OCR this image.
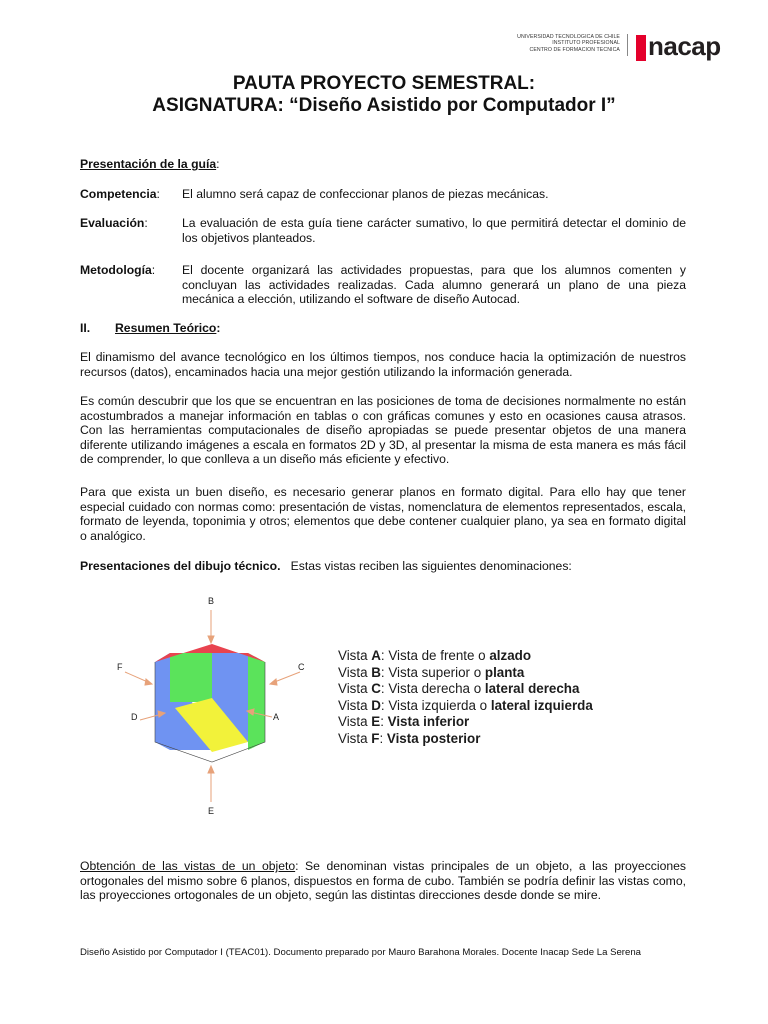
UNIVERSIDAD TECNOLOGICA DE CHILE
INSTITUTO PROFESIONAL
CENTRO DE FORMACION TECNICA nacap
PAUTA PROYECTO SEMESTRAL:
ASIGNATURA: “Diseño Asistido por Computador I”
Presentación de la guía:
Competencia: El alumno será capaz de confeccionar planos de piezas mecánicas.
Evaluación:	La evaluación de esta guía tiene carácter sumativo, lo que permitirá detectar el dominio de los objetivos planteados.
Metodología: El docente organizará las actividades propuestas, para que los alumnos comenten y concluyan las actividades realizadas. Cada alumno generará un plano de una pieza mecánica a elección, utilizando el software de diseño Autocad.
II. Resumen Teórico:
El dinamismo del avance tecnológico en los últimos tiempos, nos conduce hacia la optimización de nuestros recursos (datos), encaminados hacia una mejor gestión utilizando la información generada.
Es común descubrir que los que se encuentran en las posiciones de toma de decisiones normalmente no están acostumbrados a manejar información en tablas o con gráficas comunes y esto en ocasiones causa atrasos. Con las herramientas computacionales de diseño apropiadas se puede presentar objetos de una manera diferente utilizando imágenes a escala en formatos 2D y 3D, al presentar la misma de esta manera es más fácil de comprender, lo que conlleva a un diseño más eficiente y efectivo.
Para que exista un buen diseño, es necesario generar planos en formato digital. Para ello hay que tener especial cuidado con normas como: presentación de vistas, nomenclatura de elementos representados, escala, formato de leyenda, toponimia y otros; elementos que debe contener cualquier plano, ya sea en formato digital o analógico.
Presentaciones del dibujo técnico. Estas vistas reciben las siguientes denominaciones:
B
E
F	C
D	A
Vista A: Vista de frente o alzado
Vista B: Vista superior o planta
Vista C: Vista derecha o lateral derecha
Vista D: Vista izquierda o lateral izquierda
Vista E: Vista inferior
Vista F: Vista posterior
Obtención de las vistas de un objeto: Se denominan vistas principales de un objeto, a las proyecciones ortogonales del mismo sobre 6 planos, dispuestos en forma de cubo. También se podría definir las vistas como, las proyecciones ortogonales de un objeto, según las distintas direcciones desde donde se mire.
Diseño Asistido por Computador I (TEAC01). Documento preparado por Mauro Barahona Morales. Docente Inacap Sede La Serena
